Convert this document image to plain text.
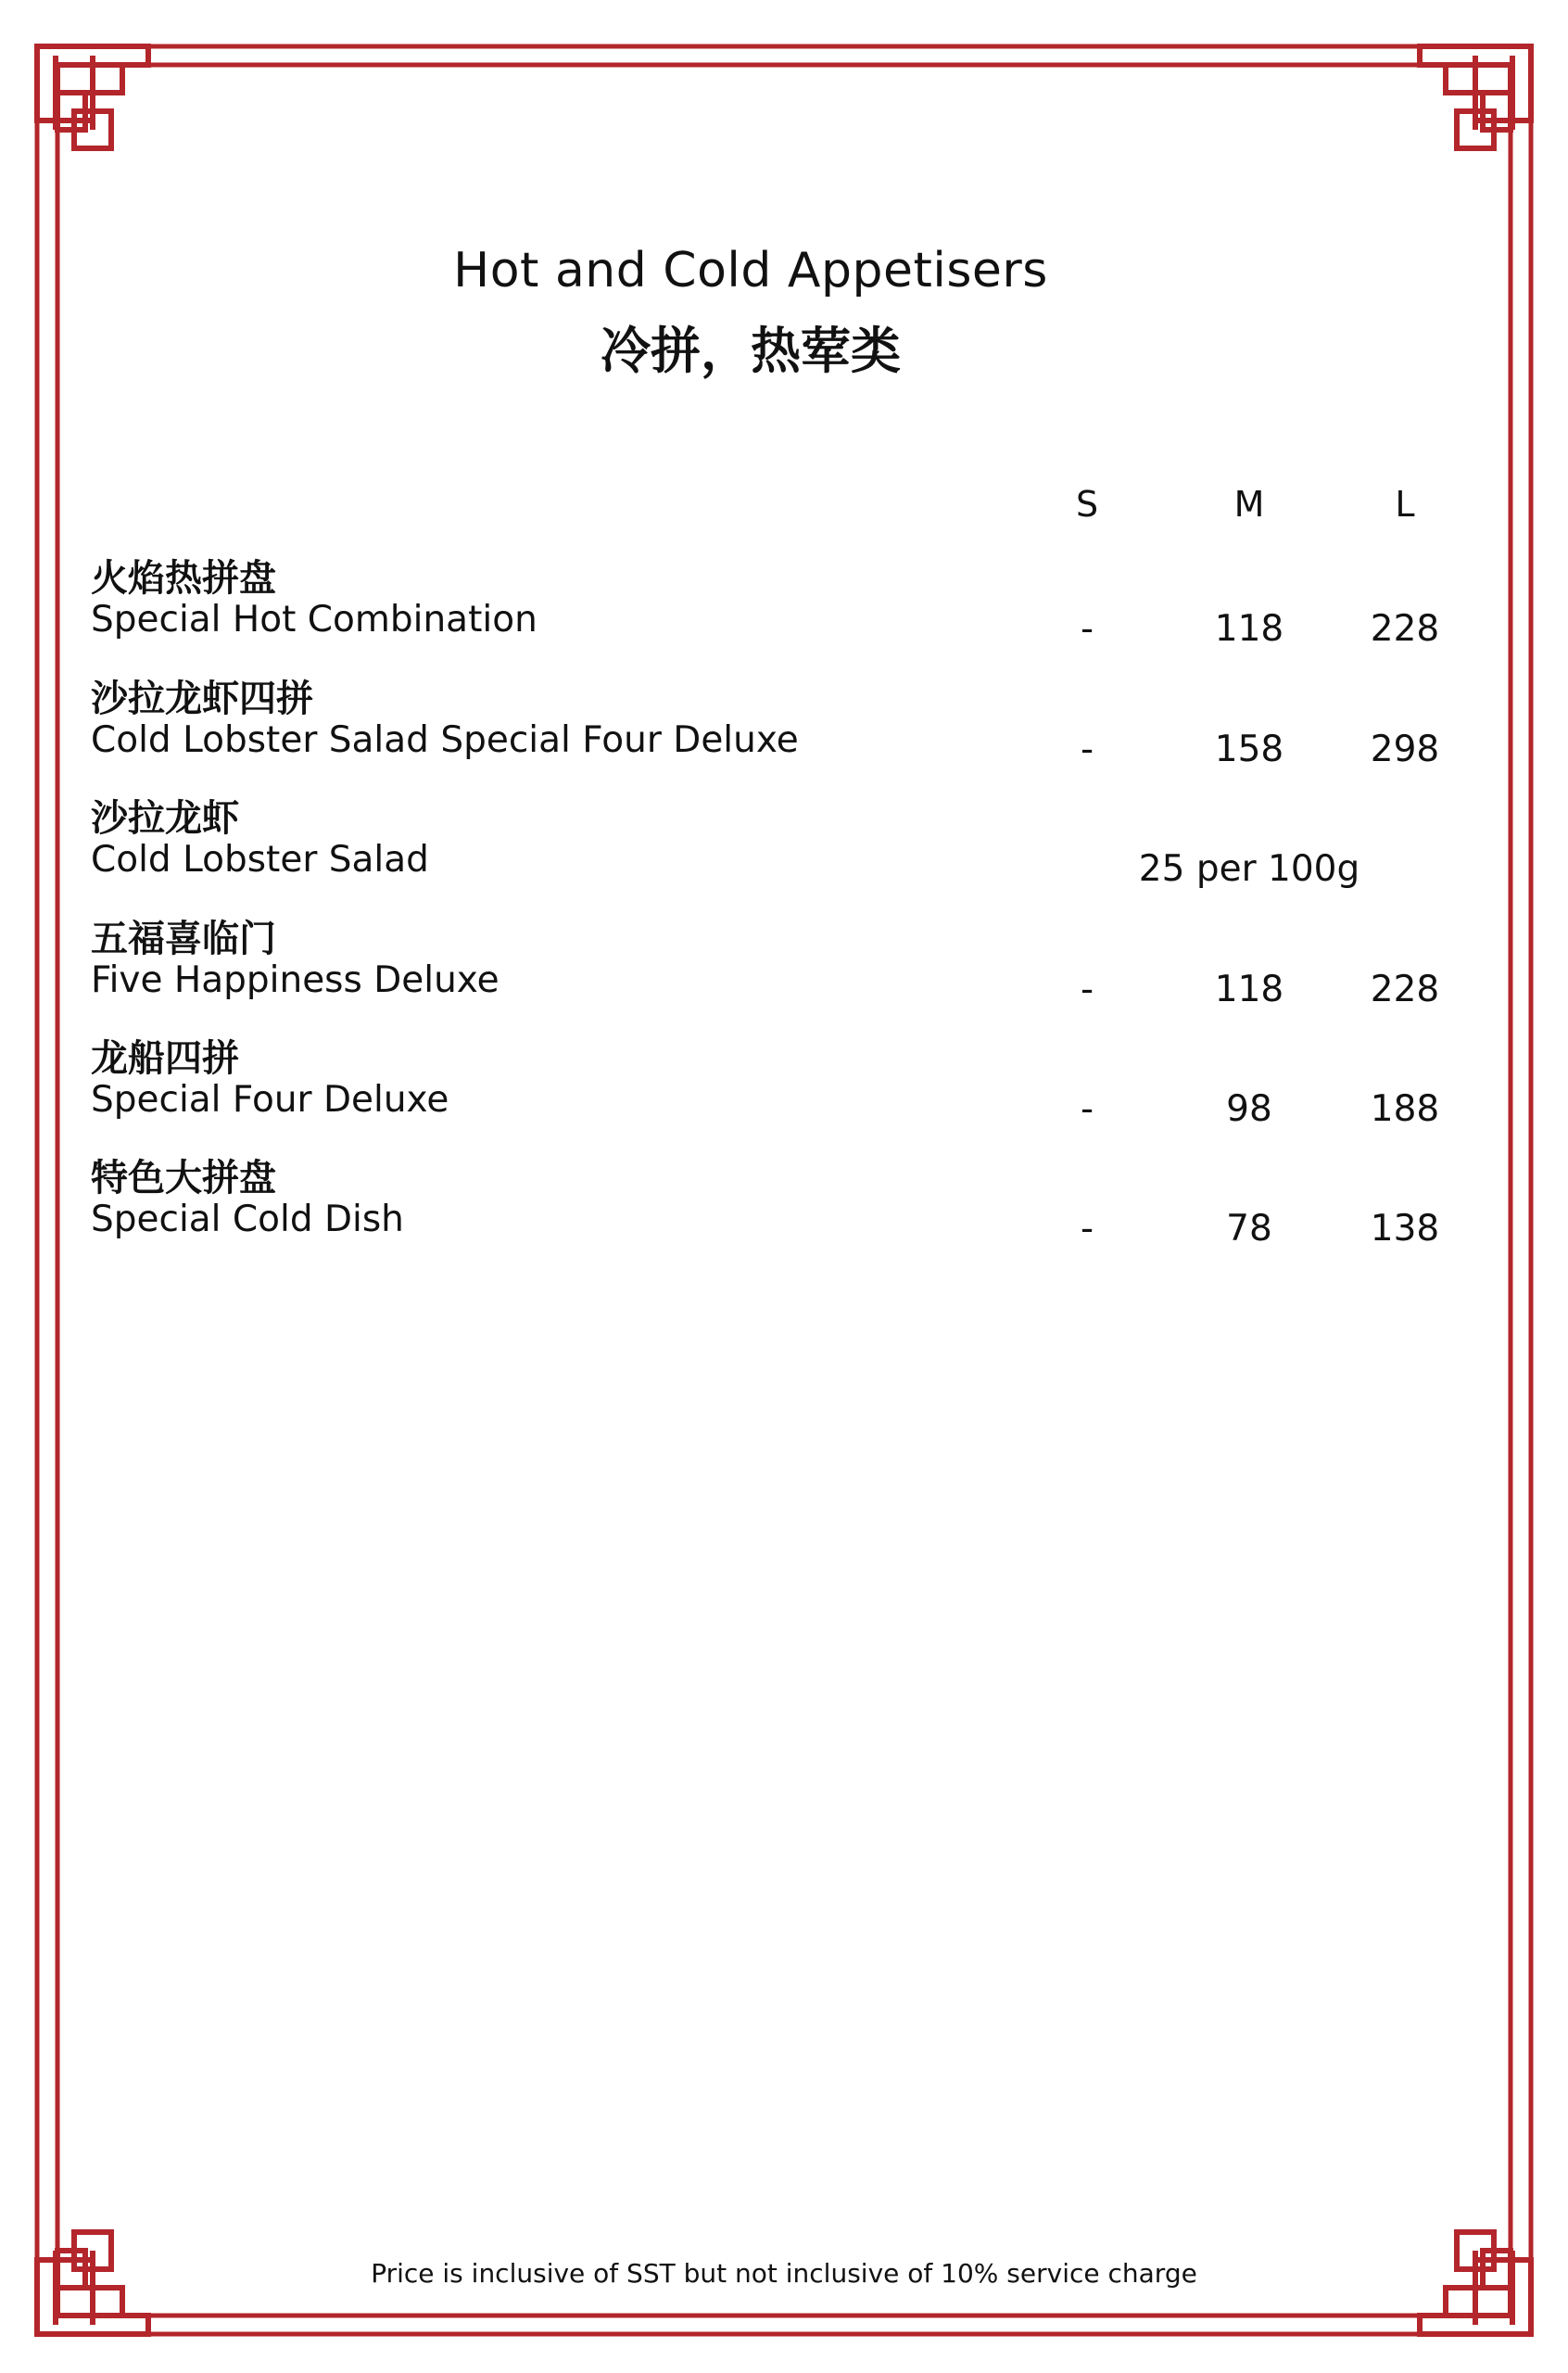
Hot and Cold Appetisers
冷拼，热荤类
S	M	L
火焰热拼盘
Special Hot Combination	-	118	228
沙拉龙虾四拼
Cold Lobster Salad Special Four Deluxe	-	158	298
沙拉龙虾
Cold Lobster Salad	25 per 100g
五福喜临门
Five Happiness Deluxe	-	118	228
龙船四拼
Special Four Deluxe	-	98	188
特色大拼盘
Special Cold Dish	-	78	138
Price is inclusive of SST but not inclusive of 10% service charge
